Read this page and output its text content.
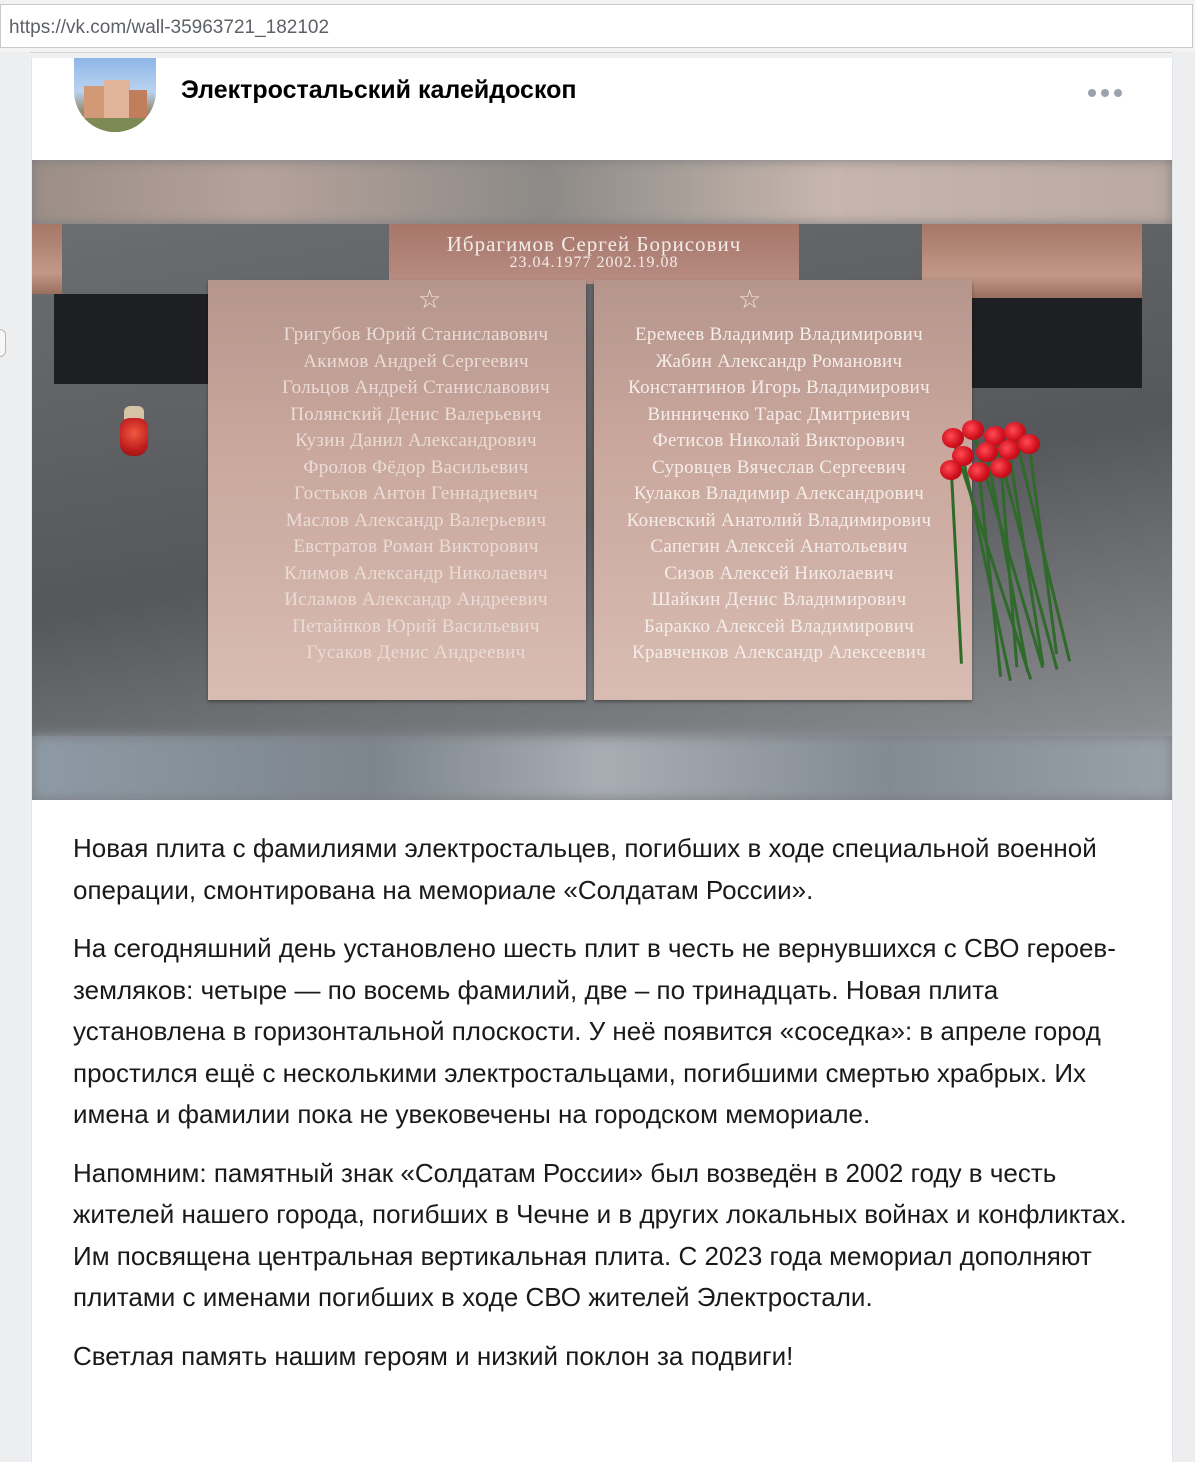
https://vk.com/wall-35963721_182102
Электростальский калейдоскоп
Ибрагимов Сергей Борисович
23.04.1977 2002.19.08
☆
Григубов Юрий Станиславович
Акимов Андрей Сергеевич
Гольцов Андрей Станиславович
Полянский Денис Валерьевич
Кузин Данил Александрович
Фролов Фёдор Васильевич
Гостьков Антон Геннадиевич
Маслов Александр Валерьевич
Евстратов Роман Викторович
Климов Александр Николаевич
Исламов Александр Андреевич
Петайнков Юрий Васильевич
Гусаков Денис Андреевич
☆
Еремеев Владимир Владимирович
Жабин Александр Романович
Константинов Игорь Владимирович
Винниченко Тарас Дмитриевич
Фетисов Николай Викторович
Суровцев Вячеслав Сергеевич
Кулаков Владимир Александрович
Коневский Анатолий Владимирович
Сапегин Алексей Анатольевич
Сизов Алексей Николаевич
Шайкин Денис Владимирович
Баракко Алексей Владимирович
Кравченков Александр Алексеевич

Новая плита с фамилиями электростальцев, погибших в ходе специальной военной операции, смонтирована на мемориале «Солдатам России».

На сегодняшний день установлено шесть плит в честь не вернувшихся с СВО героев-земляков: четыре — по восемь фамилий, две – по тринадцать. Новая плита установлена в горизонтальной плоскости. У неё появится «соседка»: в апреле город простился ещё с несколькими электростальцами, погибшими смертью храбрых. Их имена и фамилии пока не увековечены на городском мемориале.

Напомним: памятный знак «Солдатам России» был возведён в 2002 году в честь жителей нашего города, погибших в Чечне и в других локальных войнах и конфликтах. Им посвящена центральная вертикальная плита. С 2023 года мемориал дополняют плитами с именами погибших в ходе СВО жителей Электростали.

Светлая память нашим героям и низкий поклон за подвиги!
